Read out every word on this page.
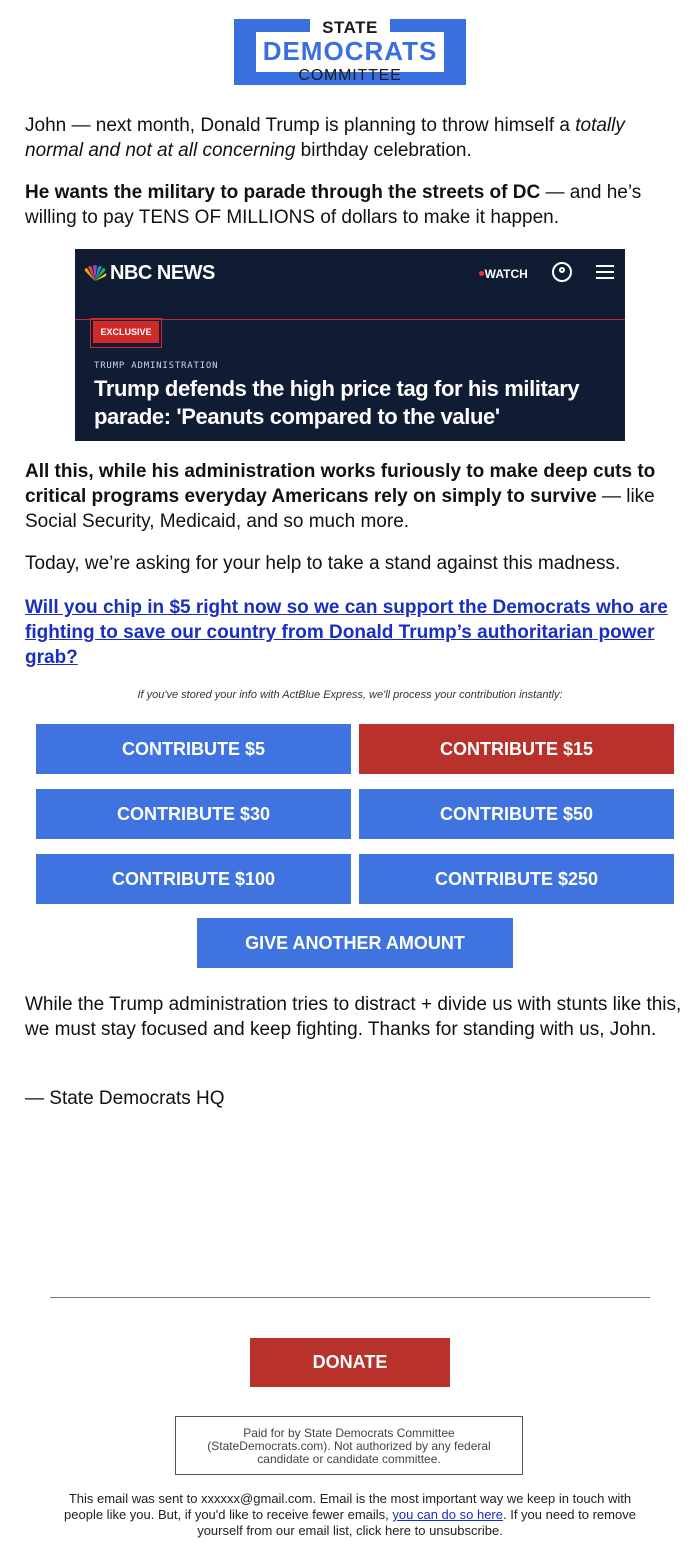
STATE
DEMOCRATS
COMMITTEE

John — next month, Donald Trump is planning to throw himself a totally normal and not at all concerning birthday celebration.

He wants the military to parade through the streets of DC — and he’s willing to pay TENS OF MILLIONS of dollars to make it happen.

NBC NEWS	WATCH
EXCLUSIVE
TRUMP ADMINISTRATION
Trump defends the high price tag for his military parade: 'Peanuts compared to the value'

All this, while his administration works furiously to make deep cuts to critical programs everyday Americans rely on simply to survive — like Social Security, Medicaid, and so much more.

Today, we’re asking for your help to take a stand against this madness.

Will you chip in $5 right now so we can support the Democrats who are fighting to save our country from Donald Trump’s authoritarian power grab?

If you've stored your info with ActBlue Express, we'll process your contribution instantly:
CONTRIBUTE $5	CONTRIBUTE $15
CONTRIBUTE $30	CONTRIBUTE $50
CONTRIBUTE $100	CONTRIBUTE $250
GIVE ANOTHER AMOUNT

While the Trump administration tries to distract + divide us with stunts like this, we must stay focused and keep fighting. Thanks for standing with us, John.

— State Democrats HQ

DONATE
Paid for by State Democrats Committee (StateDemocrats.com). Not authorized by any federal candidate or candidate committee.
This email was sent to xxxxxx@gmail.com. Email is the most important way we keep in touch with people like you. But, if you'd like to receive fewer emails, you can do so here. If you need to remove yourself from our email list, click here to unsubscribe.
